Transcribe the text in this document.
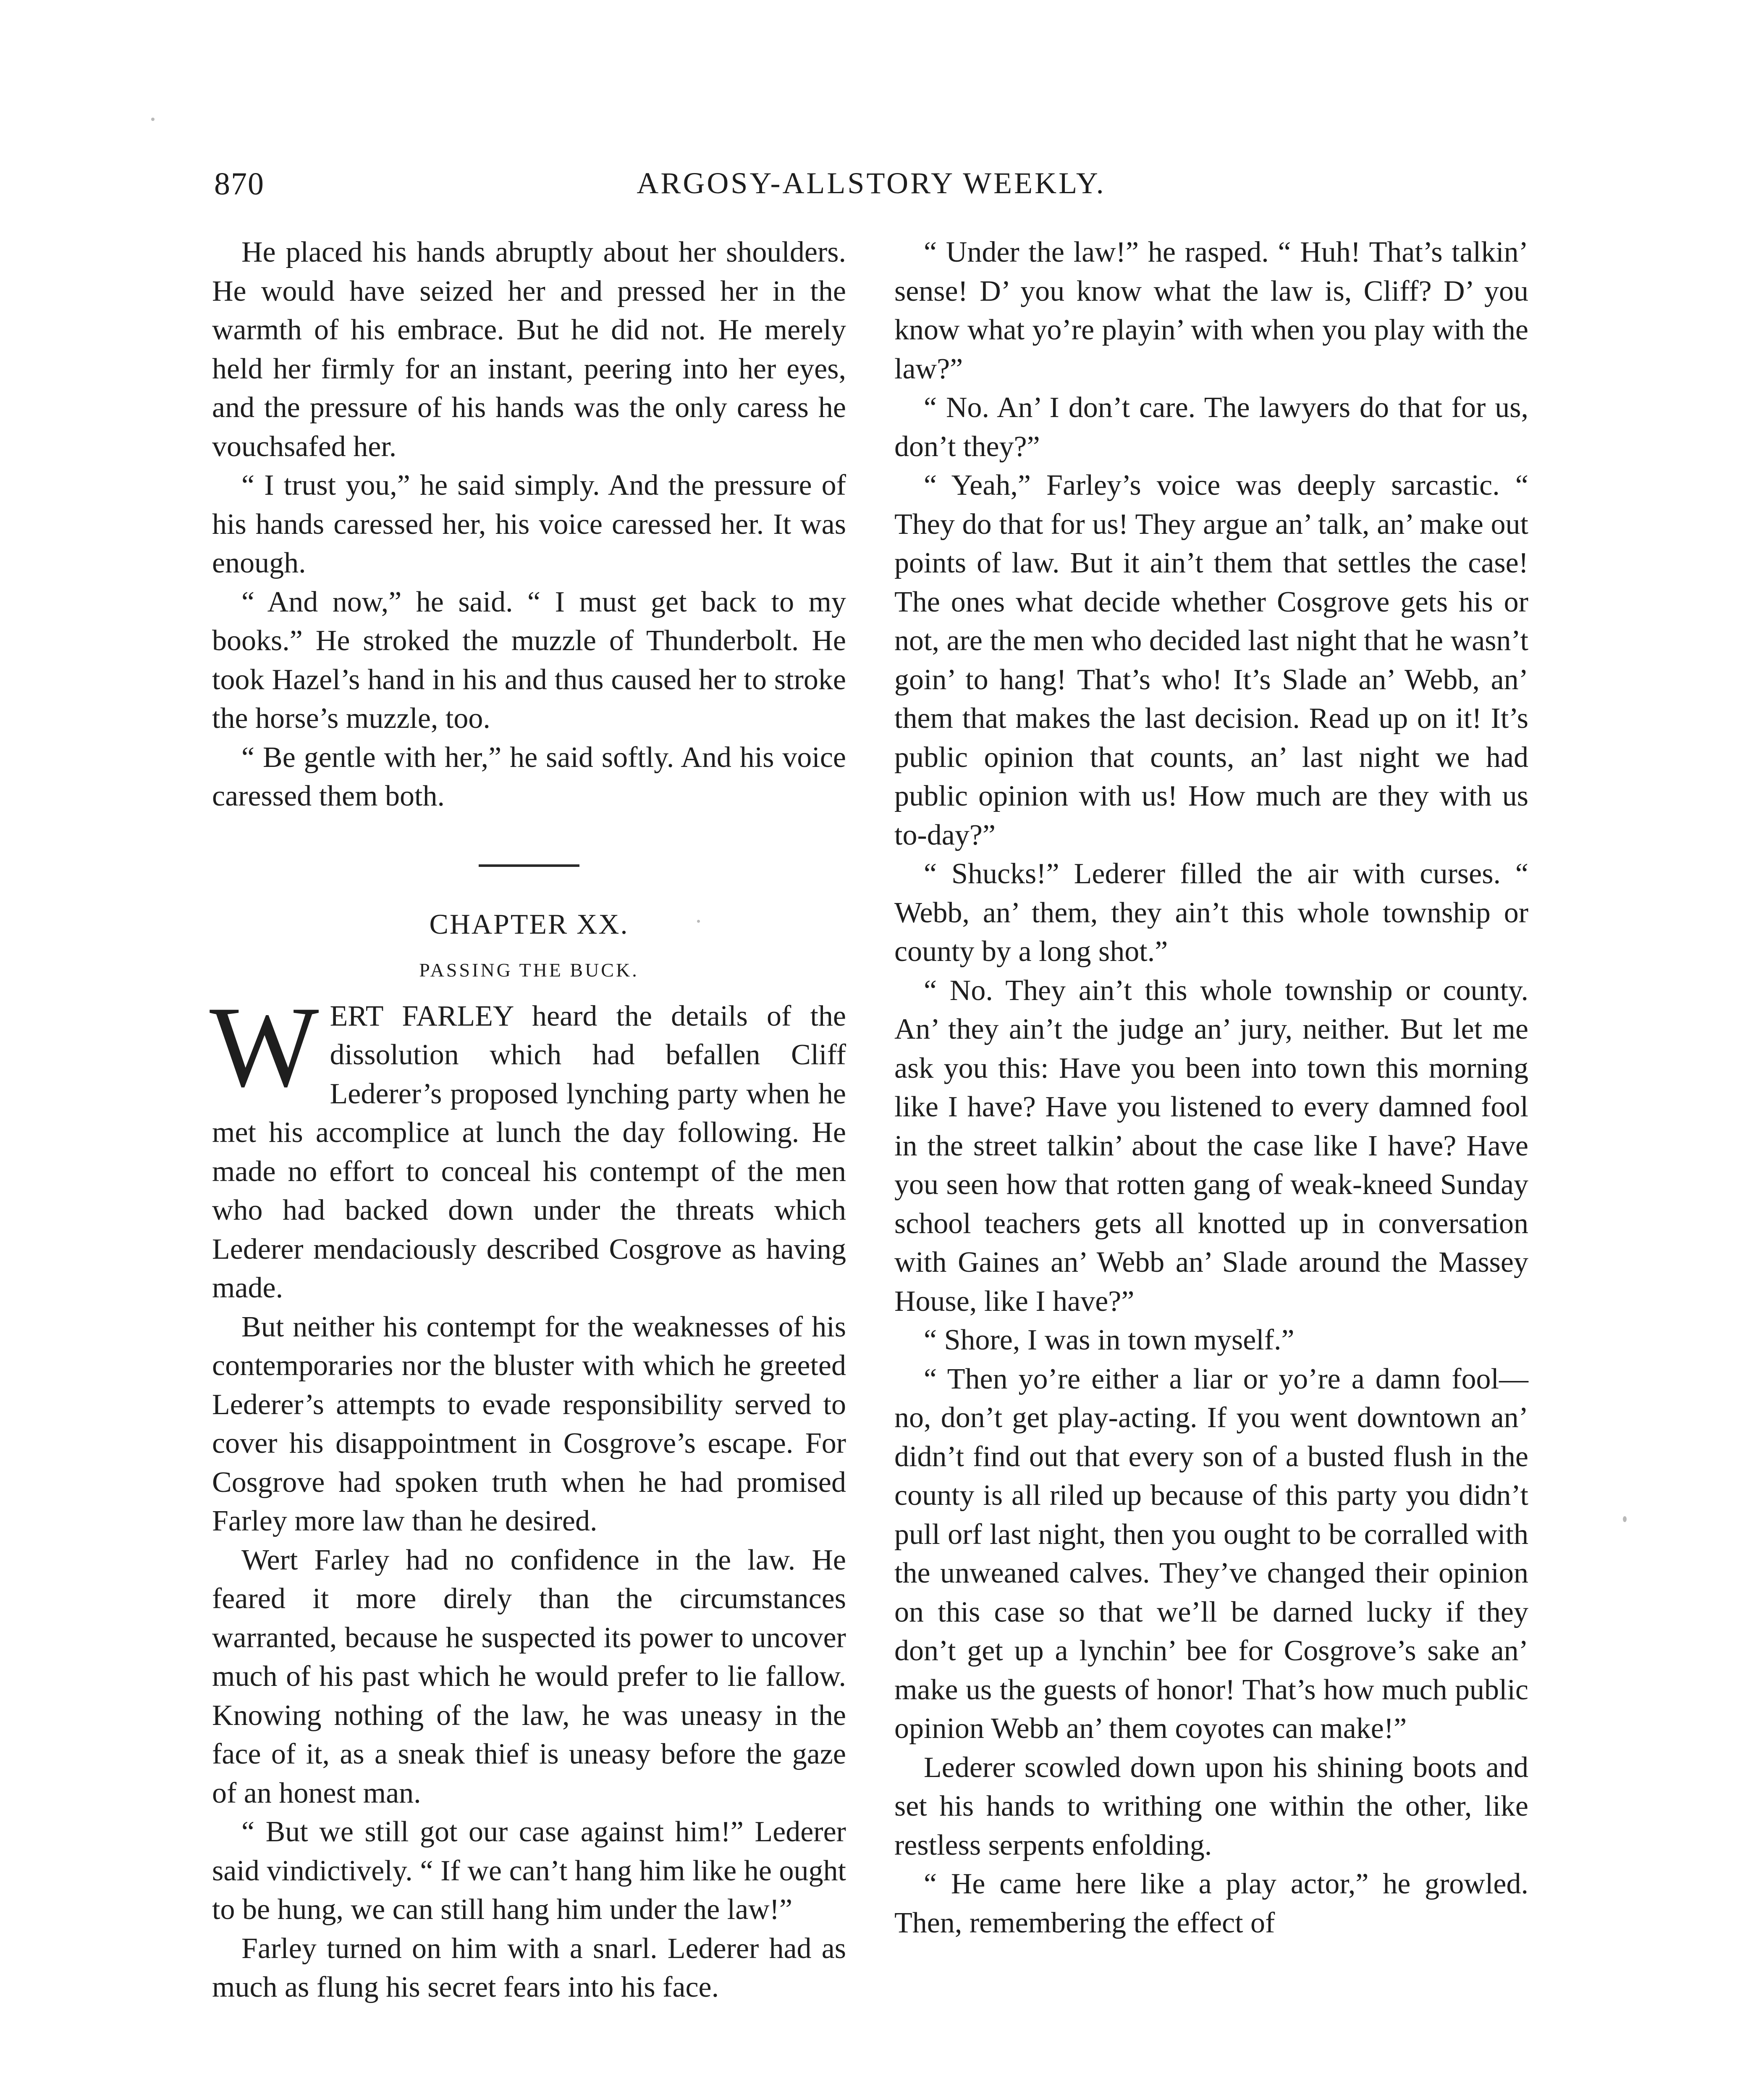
870	ARGOSY-ALLSTORY WEEKLY.

He placed his hands abruptly about her shoulders. He would have seized her and pressed her in the warmth of his embrace. But he did not. He merely held her firmly for an instant, peering into her eyes, and the pressure of his hands was the only caress he vouchsafed her.

“ I trust you,” he said simply. And the pressure of his hands caressed her, his voice caressed her. It was enough.

“ And now,” he said. “ I must get back to my books.” He stroked the muzzle of Thunderbolt. He took Hazel’s hand in his and thus caused her to stroke the horse’s muzzle, too.

“ Be gentle with her,” he said softly. And his voice caressed them both.

CHAPTER XX.
PASSING THE BUCK.

WERT FARLEY heard the details of the dissolution which had befallen Cliff Lederer’s proposed lynching party when he met his accomplice at lunch the day following. He made no effort to conceal his contempt of the men who had backed down under the threats which Lederer mendaciously described Cosgrove as having made.

But neither his contempt for the weaknesses of his contemporaries nor the bluster with which he greeted Lederer’s attempts to evade responsibility served to cover his disappointment in Cosgrove’s escape. For Cosgrove had spoken truth when he had promised Farley more law than he desired.

Wert Farley had no confidence in the law. He feared it more direly than the circumstances warranted, because he suspected its power to uncover much of his past which he would prefer to lie fallow. Knowing nothing of the law, he was uneasy in the face of it, as a sneak thief is uneasy before the gaze of an honest man.

“ But we still got our case against him!” Lederer said vindictively. “ If we can’t hang him like he ought to be hung, we can still hang him under the law!”

Farley turned on him with a snarl. Lederer had as much as flung his secret fears into his face.

“ Under the law!” he rasped. “ Huh! That’s talkin’ sense! D’ you know what the law is, Cliff? D’ you know what yo’re playin’ with when you play with the law?”

“ No. An’ I don’t care. The lawyers do that for us, don’t they?”

“ Yeah,” Farley’s voice was deeply sarcastic. “ They do that for us! They argue an’ talk, an’ make out points of law. But it ain’t them that settles the case! The ones what decide whether Cosgrove gets his or not, are the men who decided last night that he wasn’t goin’ to hang! That’s who! It’s Slade an’ Webb, an’ them that makes the last decision. Read up on it! It’s public opinion that counts, an’ last night we had public opinion with us! How much are they with us to-day?”

“ Shucks!” Lederer filled the air with curses. “ Webb, an’ them, they ain’t this whole township or county by a long shot.”

“ No. They ain’t this whole township or county. An’ they ain’t the judge an’ jury, neither. But let me ask you this: Have you been into town this morning like I have? Have you listened to every damned fool in the street talkin’ about the case like I have? Have you seen how that rotten gang of weak-kneed Sunday school teachers gets all knotted up in conversation with Gaines an’ Webb an’ Slade around the Massey House, like I have?”

“ Shore, I was in town myself.”

“ Then yo’re either a liar or yo’re a damn fool—no, don’t get play-acting. If you went downtown an’ didn’t find out that every son of a busted flush in the county is all riled up because of this party you didn’t pull orf last night, then you ought to be corralled with the unweaned calves. They’ve changed their opinion on this case so that we’ll be darned lucky if they don’t get up a lynchin’ bee for Cosgrove’s sake an’ make us the guests of honor! That’s how much public opinion Webb an’ them coyotes can make!”

Lederer scowled down upon his shining boots and set his hands to writhing one within the other, like restless serpents enfolding.

“ He came here like a play actor,” he growled. Then, remembering the effect of
